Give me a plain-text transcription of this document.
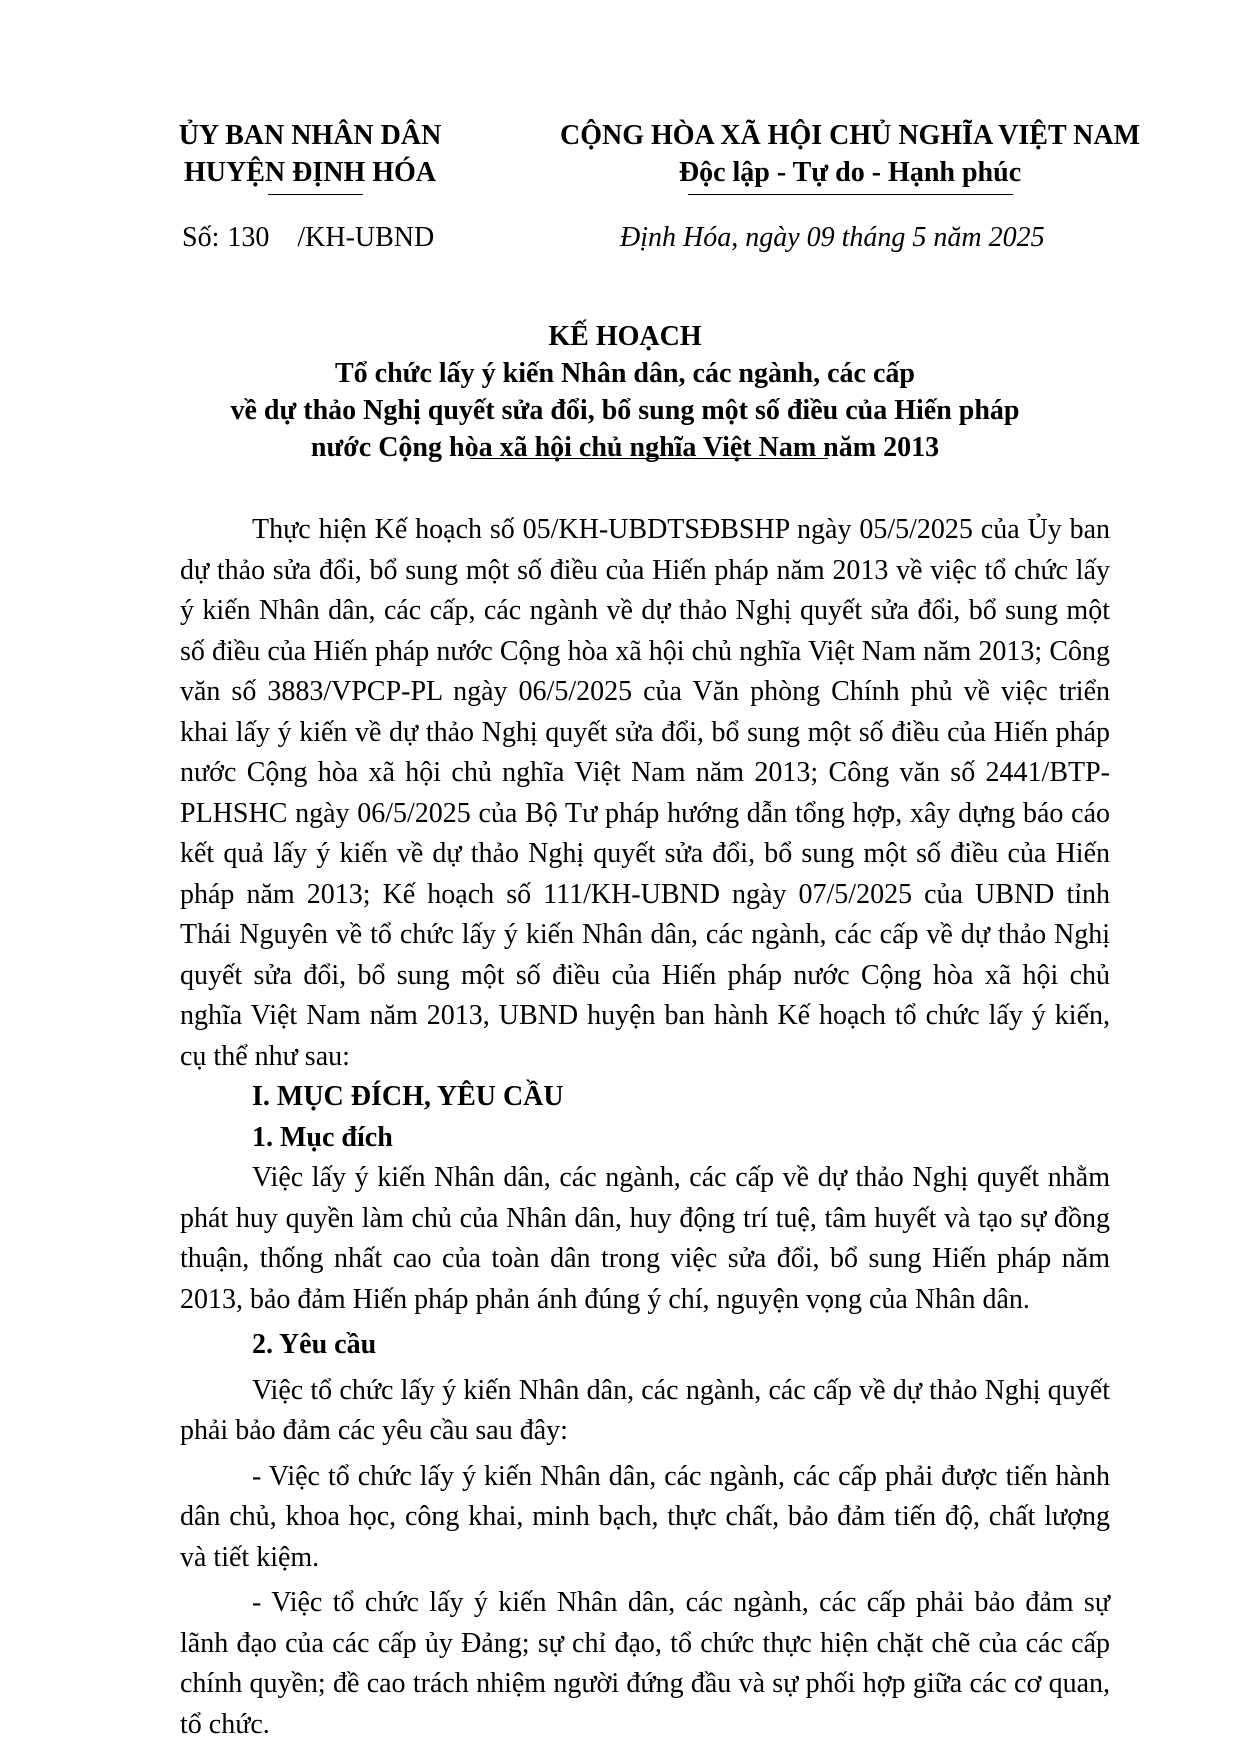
ỦY BAN NHÂN DÂN
HUYỆN ĐỊNH HÓA
CỘNG HÒA XÃ HỘI CHỦ NGHĨA VIỆT NAM
Độc lập - Tự do - Hạnh phúc
Số: 130 /KH-UBND	Định Hóa, ngày 09 tháng 5 năm 2025
KẾ HOẠCH
Tổ chức lấy ý kiến Nhân dân, các ngành, các cấp
về dự thảo Nghị quyết sửa đổi, bổ sung một số điều của Hiến pháp
nước Cộng hòa xã hội chủ nghĩa Việt Nam năm 2013

Thực hiện Kế hoạch số 05/KH-UBDTSĐBSHP ngày 05/5/2025 của Ủy ban dự thảo sửa đổi, bổ sung một số điều của Hiến pháp năm 2013 về việc tổ chức lấy ý kiến Nhân dân, các cấp, các ngành về dự thảo Nghị quyết sửa đổi, bổ sung một số điều của Hiến pháp nước Cộng hòa xã hội chủ nghĩa Việt Nam năm 2013; Công văn số 3883/VPCP-PL ngày 06/5/2025 của Văn phòng Chính phủ về việc triển khai lấy ý kiến về dự thảo Nghị quyết sửa đổi, bổ sung một số điều của Hiến pháp nước Cộng hòa xã hội chủ nghĩa Việt Nam năm 2013; Công văn số 2441/BTP-PLHSHC ngày 06/5/2025 của Bộ Tư pháp hướng dẫn tổng hợp, xây dựng báo cáo kết quả lấy ý kiến về dự thảo Nghị quyết sửa đổi, bổ sung một số điều của Hiến pháp năm 2013; Kế hoạch số 111/KH-UBND ngày 07/5/2025 của UBND tỉnh Thái Nguyên về tổ chức lấy ý kiến Nhân dân, các ngành, các cấp về dự thảo Nghị quyết sửa đổi, bổ sung một số điều của Hiến pháp nước Cộng hòa xã hội chủ nghĩa Việt Nam năm 2013, UBND huyện ban hành Kế hoạch tổ chức lấy ý kiến, cụ thể như sau:

I. MỤC ĐÍCH, YÊU CẦU

1. Mục đích

Việc lấy ý kiến Nhân dân, các ngành, các cấp về dự thảo Nghị quyết nhằm phát huy quyền làm chủ của Nhân dân, huy động trí tuệ, tâm huyết và tạo sự đồng thuận, thống nhất cao của toàn dân trong việc sửa đổi, bổ sung Hiến pháp năm 2013, bảo đảm Hiến pháp phản ánh đúng ý chí, nguyện vọng của Nhân dân.

2. Yêu cầu

Việc tổ chức lấy ý kiến Nhân dân, các ngành, các cấp về dự thảo Nghị quyết phải bảo đảm các yêu cầu sau đây:

- Việc tổ chức lấy ý kiến Nhân dân, các ngành, các cấp phải được tiến hành dân chủ, khoa học, công khai, minh bạch, thực chất, bảo đảm tiến độ, chất lượng và tiết kiệm.

- Việc tổ chức lấy ý kiến Nhân dân, các ngành, các cấp phải bảo đảm sự lãnh đạo của các cấp ủy Đảng; sự chỉ đạo, tổ chức thực hiện chặt chẽ của các cấp chính quyền; đề cao trách nhiệm người đứng đầu và sự phối hợp giữa các cơ quan, tổ chức.
